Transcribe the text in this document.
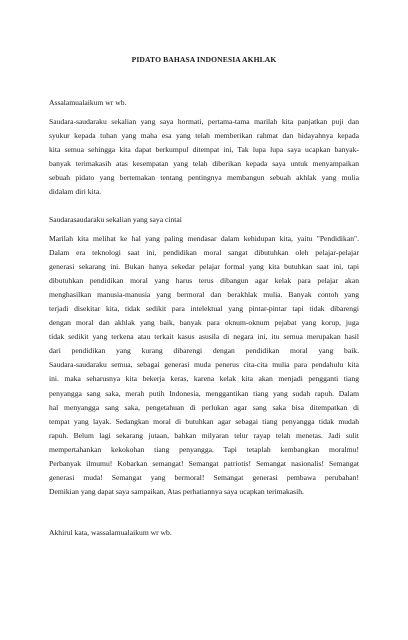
PIDATO BAHASA INDONESIA AKHLAK
Assalamualaikum wr wb.
Saudara-saudaraku sekalian yang saya hormati, pertama-tama marilah kita panjatkan puji dan
syukur kepada tuhan yang maha esa yang telah memberikan rahmat dan hidayahnya kepada
kita semua sehingga kita dapat berkumpul ditempat ini, Tak lupa lupa saya ucapkan banyak-
banyak terimakasih atas kesempatan yang telah diberikan kepada saya untuk menyampaikan
sebuah pidato yang bertemakan tentang pentingnya membangun sebuah akhlak yang mulia
didalam diri kita.
Saudarasaudaraku sekalian yang saya cintai
Marilah kita melihat ke hal yang paling mendasar dalam kehidupan kita, yaitu "Pendidikan".
Dalam era teknologi saat ini, pendidikan moral sangat dibutuhkan oleh pelajar-pelajar
generasi sekarang ini. Bukan hanya sekedar pelajar formal yang kita butuhkan saat ini, tapi
dibutuhkan pendidikan moral yang harus terus dibangun agar kelak para pelajar akan
menghasilkan manusia-manusia yang bermoral dan berakhlak mulia. Banyak contoh yang
terjadi disekitar kita, tidak sedikit para intelektual yang pintar-pintar tapi tidak dibarengi
dengan moral dan akhlak yang baik, banyak para oknum-oknum pejabat yang korup, juga
tidak sedikit yang terkena atau terkait kasus asusila di negara ini, itu semua merupakan hasil
dari pendidikan yang kurang dibarengi dengan pendidikan moral yang baik.
Saudara-saudaraku semua, sebagai generasi muda penerus cita-cita mulia para pendahulu kita
ini. maka seharusnya kita bekerja keras, karena kelak kita akan menjadi pengganti tiang
penyangga sang saka, merah putih Indonesia, menggantikan tiang yang sudah rapuh. Dalam
hal menyangga sang saka, pengetahuan di perlukan agar sang saka bisa ditempatkan di
tempat yang layak. Sedangkan moral di butuhkan agar sebagai tiang penyangga tidak mudah
rapuh. Belum lagi sekarang jutaan, bahkan milyaran telur rayap telah menetas. Jadi sulit
mempertahankan kekokohan tiang penyangga. Tapi tetaplah kembangkan moralmu!
Perbanyak ilmumu! Kobarkan semangat! Semangat patriotis! Semangat nasionalis! Semangat
generasi muda! Semangat yang bermoral! Semangat generasi pembawa perubahan!
Demikian yang dapat saya sampaikan, Atas perhatiannya saya ucapkan terimakasih.
Akhirul kata, wassalamualaikum wr wb.
